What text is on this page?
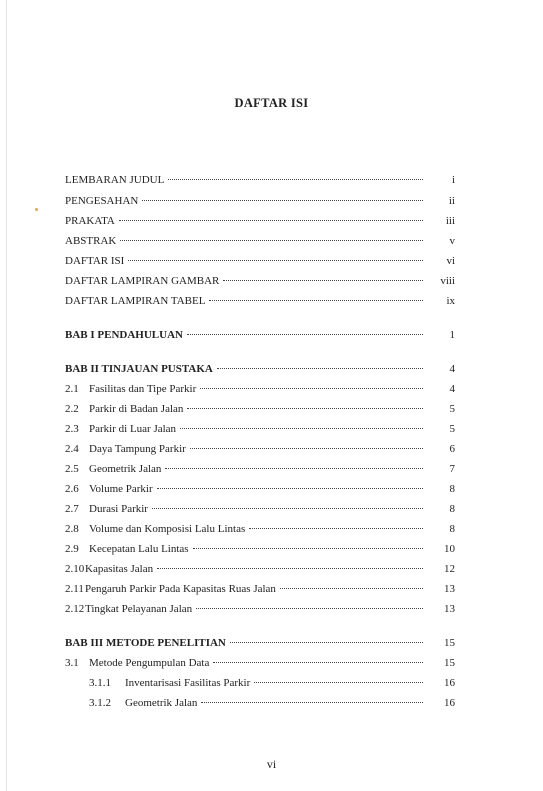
DAFTAR ISI
LEMBARAN JUDUL	i
PENGESAHAN	ii
PRAKATA	iii
ABSTRAK	v
DAFTAR ISI	vi
DAFTAR LAMPIRAN GAMBAR	viii
DAFTAR LAMPIRAN TABEL	ix
BAB I PENDAHULUAN	1
BAB II TINJAUAN PUSTAKA	4
2.1 Fasilitas dan Tipe Parkir	4
2.2 Parkir di Badan Jalan	5
2.3 Parkir di Luar Jalan	5
2.4 Daya Tampung Parkir	6
2.5 Geometrik Jalan	7
2.6 Volume Parkir	8
2.7 Durasi Parkir	8
2.8 Volume dan Komposisi Lalu Lintas	8
2.9 Kecepatan Lalu Lintas	10
2.10Kapasitas Jalan	12
2.11Pengaruh Parkir Pada Kapasitas Ruas Jalan	13
2.12Tingkat Pelayanan Jalan	13
BAB III METODE PENELITIAN	15
3.1 Metode Pengumpulan Data	15
3.1.1 Inventarisasi Fasilitas Parkir	16
3.1.2 Geometrik Jalan	16
vi
